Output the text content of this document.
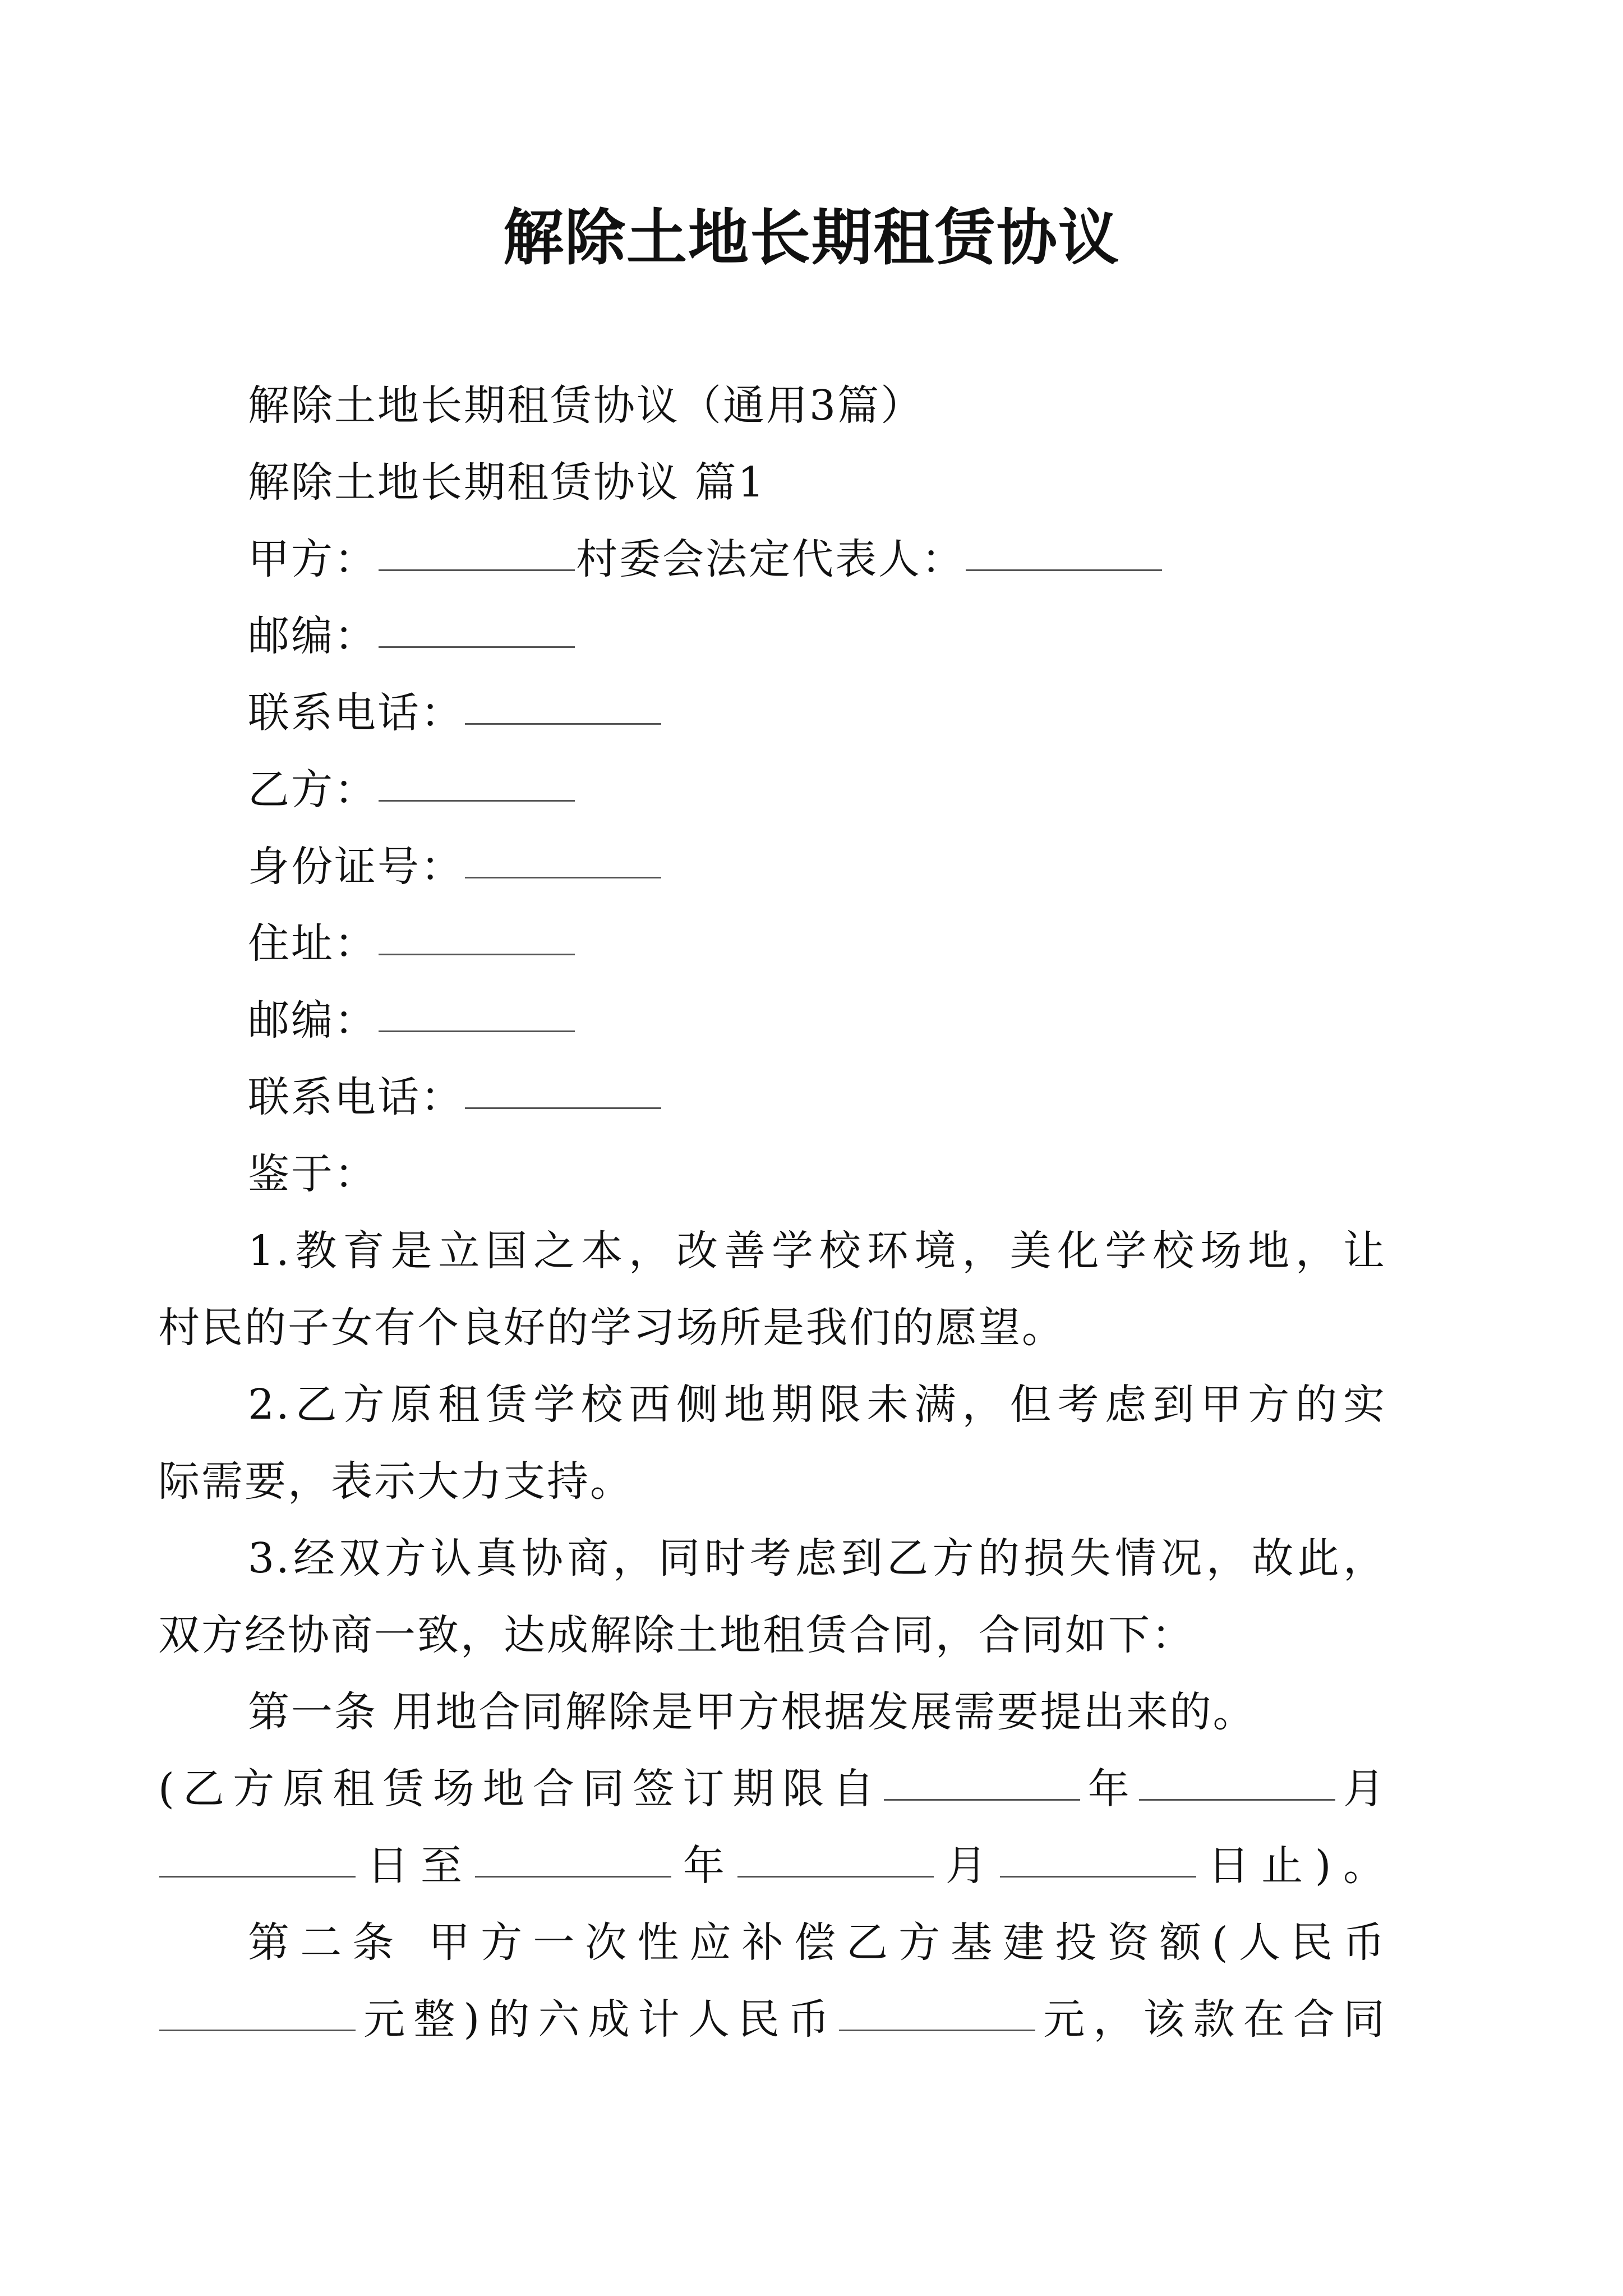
解除土地长期租赁协议
解除土地长期租赁协议（通用3篇）
解除土地长期租赁协议 篇1
甲方：	村委会法定代表人：
邮编：
联系电话：
乙方：
身份证号：
住址：
邮编：
联系电话：
鉴于：
1.教育是立国之本，改善学校环境，美化学校场地，让
村民的子女有个良好的学习场所是我们的愿望。
2.乙方原租赁学校西侧地期限未满，但考虑到甲方的实
际需要，表示大力支持。
3.经双方认真协商，同时考虑到乙方的损失情况，故此，
双方经协商一致，达成解除土地租赁合同，合同如下：
第一条 用地合同解除是甲方根据发展需要提出来的。
(乙方原租赁场地合同签订期限自	年	月
日至	年	月	日止)。
第二条 甲方一次性应补偿乙方基建投资额(人民币
元整)的六成计人民币	元，该款在合同
